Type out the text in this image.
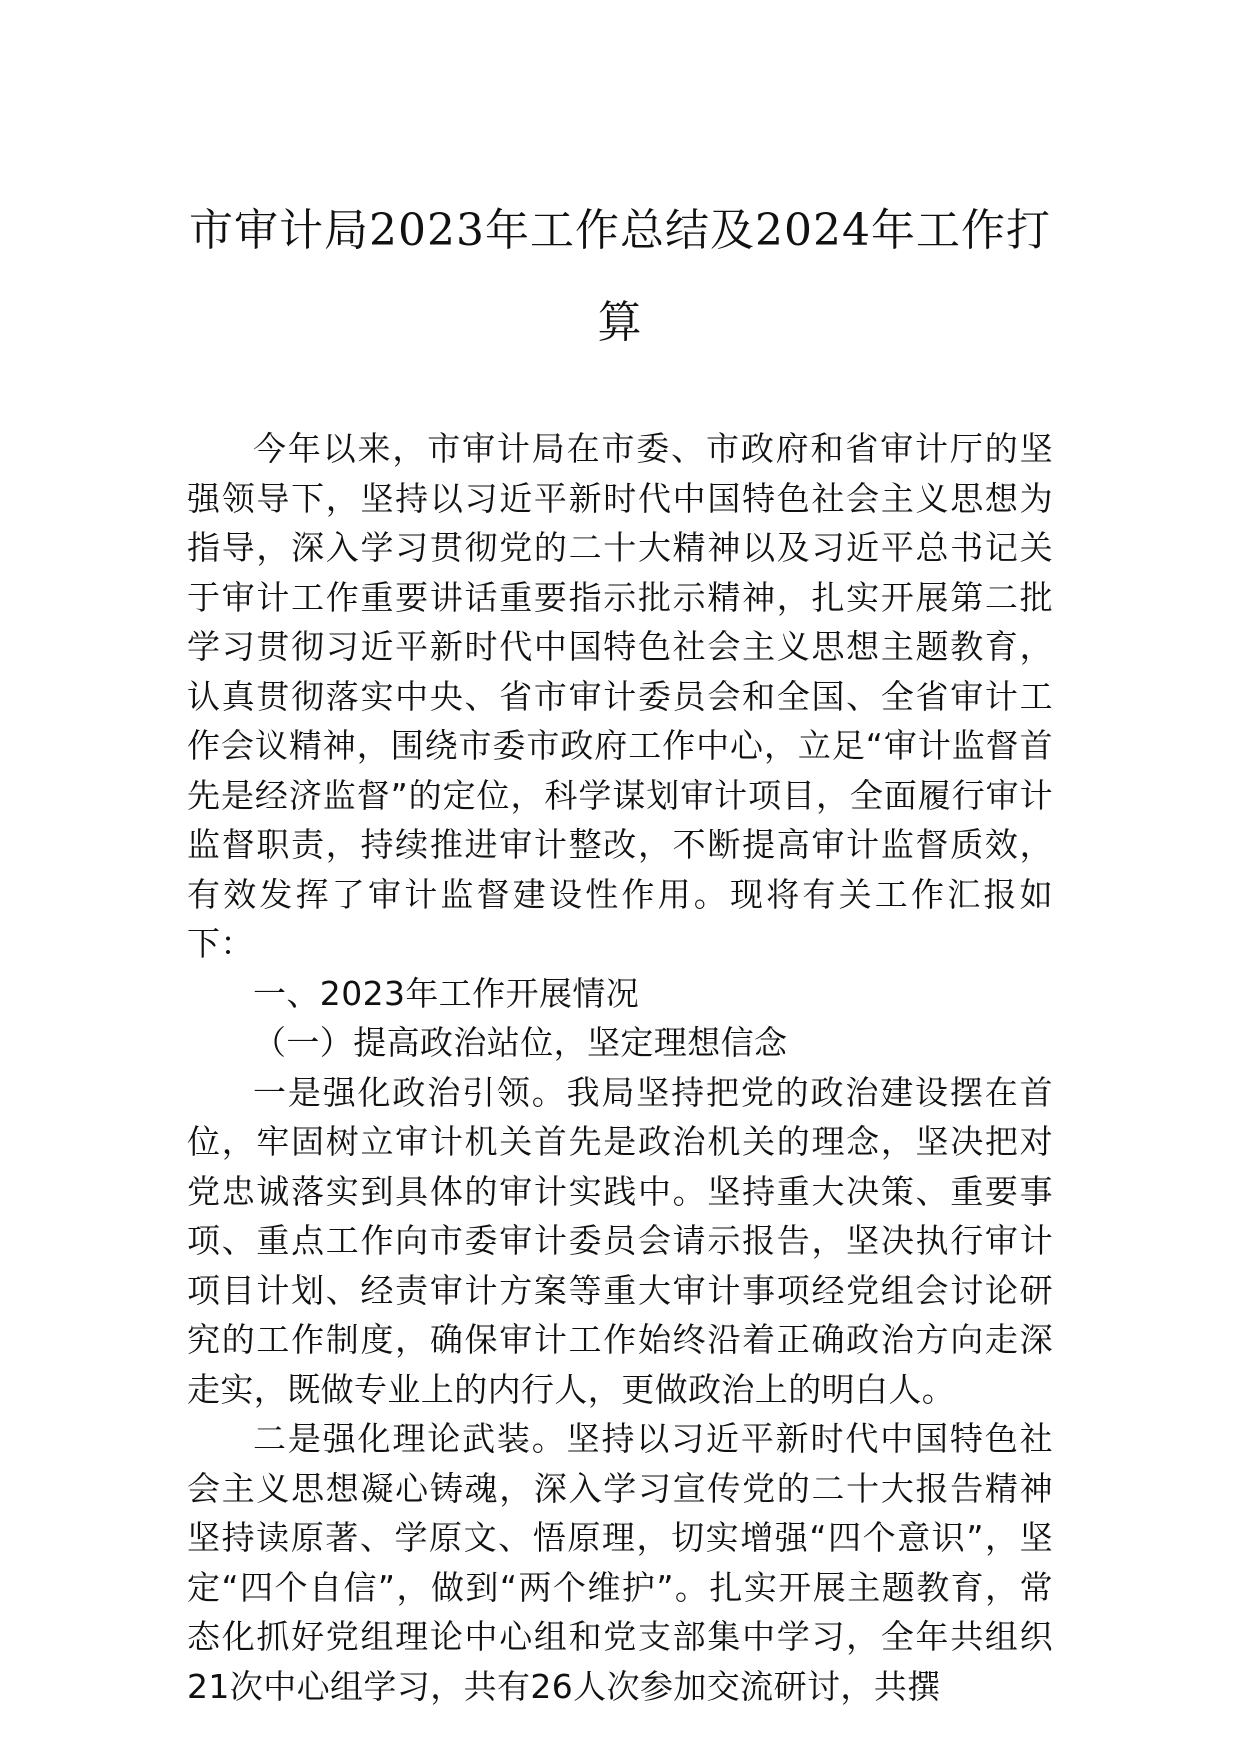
市审计局2023年工作总结及2024年工作打算

今年以来，市审计局在市委、市政府和省审计厅的坚强领导下，坚持以习近平新时代中国特色社会主义思想为指导，深入学习贯彻党的二十大精神以及习近平总书记关于审计工作重要讲话重要指示批示精神，扎实开展第二批学习贯彻习近平新时代中国特色社会主义思想主题教育，认真贯彻落实中央、省市审计委员会和全国、全省审计工作会议精神，围绕市委市政府工作中心，立足“审计监督首先是经济监督”的定位，科学谋划审计项目，全面履行审计监督职责，持续推进审计整改，不断提高审计监督质效，有效发挥了审计监督建设性作用。现将有关工作汇报如下：

一、2023年工作开展情况

（一）提高政治站位，坚定理想信念

一是强化政治引领。我局坚持把党的政治建设摆在首位，牢固树立审计机关首先是政治机关的理念，坚决把对党忠诚落实到具体的审计实践中。坚持重大决策、重要事项、重点工作向市委审计委员会请示报告，坚决执行审计项目计划、经责审计方案等重大审计事项经党组会讨论研究的工作制度，确保审计工作始终沿着正确政治方向走深走实，既做专业上的内行人，更做政治上的明白人。

二是强化理论武装。坚持以习近平新时代中国特色社会主义思想凝心铸魂，深入学习宣传党的二十大报告精神坚持读原著、学原文、悟原理，切实增强“四个意识”，坚定“四个自信”，做到“两个维护”。扎实开展主题教育，常态化抓好党组理论中心组和党支部集中学习，全年共组织21次中心组学习，共有26人次参加交流研讨，共撰
